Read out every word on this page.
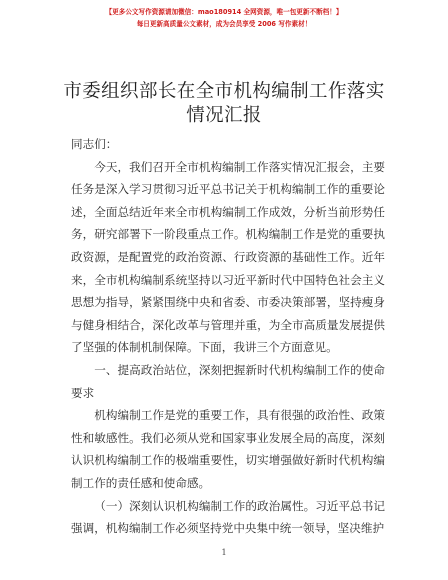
【更多公文写作资源请加微信：mao180914 全网资源，唯一包更新不断档！】
每日更新高质量公文素材，成为会员享受 2006 写作素材！
市委组织部长在全市机构编制工作落实情况汇报

同志们：

今天，我们召开全市机构编制工作落实情况汇报会，主要任务是深入学习贯彻习近平总书记关于机构编制工作的重要论述，全面总结近年来全市机构编制工作成效，分析当前形势任务，研究部署下一阶段重点工作。机构编制工作是党的重要执政资源，是配置党的政治资源、行政资源的基础性工作。近年来，全市机构编制系统坚持以习近平新时代中国特色社会主义思想为指导，紧紧围绕中央和省委、市委决策部署，坚持瘦身与健身相结合，深化改革与管理并重，为全市高质量发展提供了坚强的体制机制保障。下面，我讲三个方面意见。

一、提高政治站位，深刻把握新时代机构编制工作的使命要求

机构编制工作是党的重要工作，具有很强的政治性、政策性和敏感性。我们必须从党和国家事业发展全局的高度，深刻认识机构编制工作的极端重要性，切实增强做好新时代机构编制工作的责任感和使命感。

（一）深刻认识机构编制工作的政治属性。习近平总书记强调，机构编制工作必须坚持党中央集中统一领导，坚决维护

1
